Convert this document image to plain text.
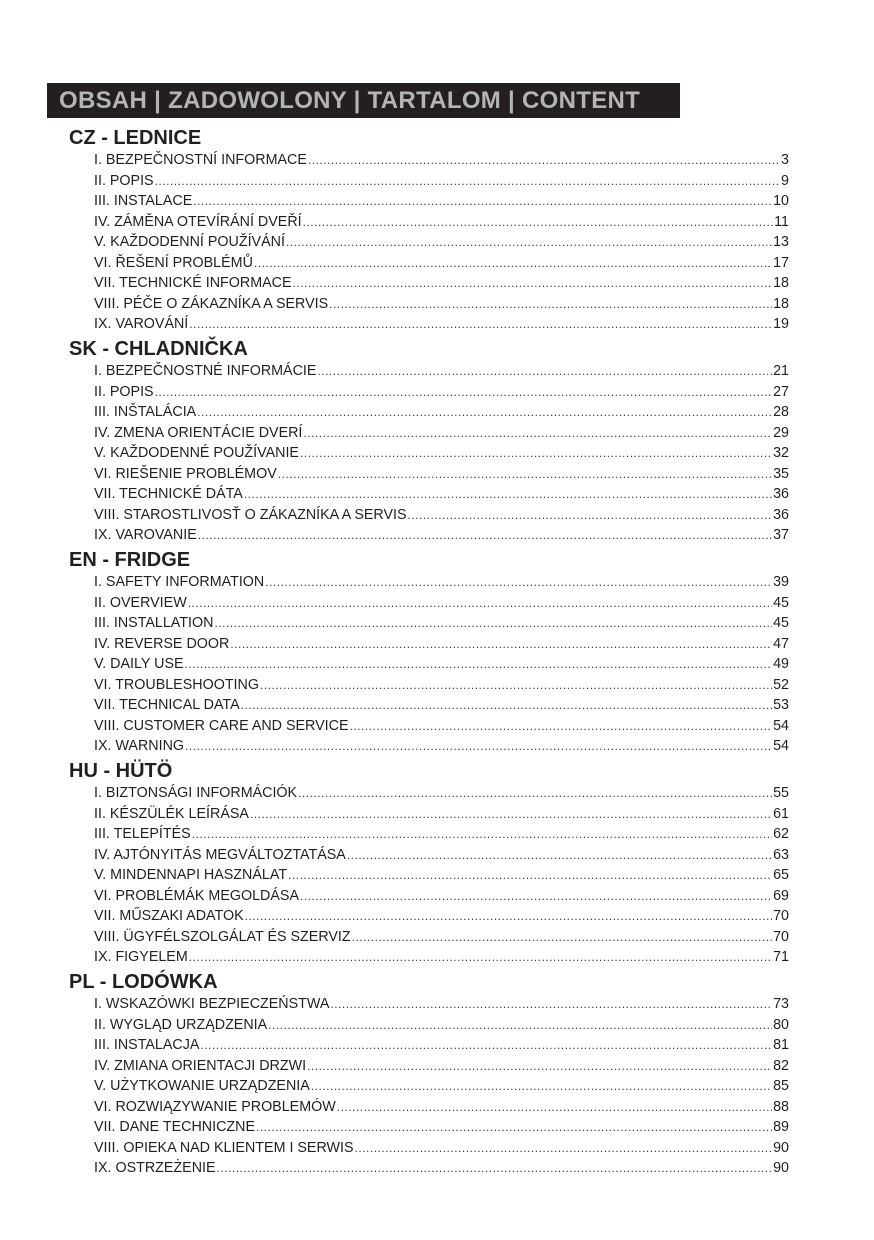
OBSAH | ZADOWOLONY | TARTALOM | CONTENT
CZ - LEDNICE
I. BEZPEČNOSTNÍ INFORMACE .....	3
II. POPIS .....	9
III. INSTALACE .....	10
IV. ZÁMĚNA OTEVÍRÁNÍ DVEŘÍ .....	11
V. KAŽDODENNÍ POUŽÍVÁNÍ .....	13
VI. ŘEŠENÍ PROBLÉMŮ .....	17
VII. TECHNICKÉ INFORMACE .....	18
VIII. PÉČE O ZÁKAZNÍKA A SERVIS .....	18
IX. VAROVÁNÍ .....	19
SK - CHLADNIČKA
I. BEZPEČNOSTNÉ INFORMÁCIE .....	21
II. POPIS .....	27
III. INŠTALÁCIA .....	28
IV. ZMENA ORIENTÁCIE DVERÍ .....	29
V. KAŽDODENNÉ POUŽÍVANIE .....	32
VI. RIEŠENIE PROBLÉMOV .....	35
VII. TECHNICKÉ DÁTA .....	36
VIII. STAROSTLIVOSŤ O ZÁKAZNÍKA A SERVIS .....	36
IX. VAROVANIE .....	37
EN - FRIDGE
I. SAFETY INFORMATION .....	39
II. OVERVIEW .....	45
III. INSTALLATION .....	45
IV. REVERSE DOOR .....	47
V. DAILY USE .....	49
VI. TROUBLESHOOTING .....	52
VII. TECHNICAL DATA .....	53
VIII. CUSTOMER CARE AND SERVICE .....	54
IX. WARNING .....	54
HU - HÜTÖ
I. BIZTONSÁGI INFORMÁCIÓK .....	55
II. KÉSZÜLÉK LEÍRÁSA .....	61
III. TELEPÍTÉS .....	62
IV. AJTÓNYITÁS MEGVÁLTOZTATÁSA .....	63
V. MINDENNAPI HASZNÁLAT .....	65
VI. PROBLÉMÁK MEGOLDÁSA .....	69
VII. MŰSZAKI ADATOK .....	70
VIII. ÜGYFÉLSZOLGÁLAT ÉS SZERVIZ .....	70
IX. FIGYELEM .....	71
PL - LODÓWKA
I. WSKAZÓWKI BEZPIECZEŃSTWA .....	73
II. WYGLĄD URZĄDZENIA .....	80
III. INSTALACJA .....	81
IV. ZMIANA ORIENTACJI DRZWI .....	82
V. UŻYTKOWANIE URZĄDZENIA .....	85
VI. ROZWIĄZYWANIE PROBLEMÓW .....	88
VII. DANE TECHNICZNE .....	89
VIII. OPIEKA NAD KLIENTEM I SERWIS .....	90
IX. OSTRZEŻENIE .....	90
